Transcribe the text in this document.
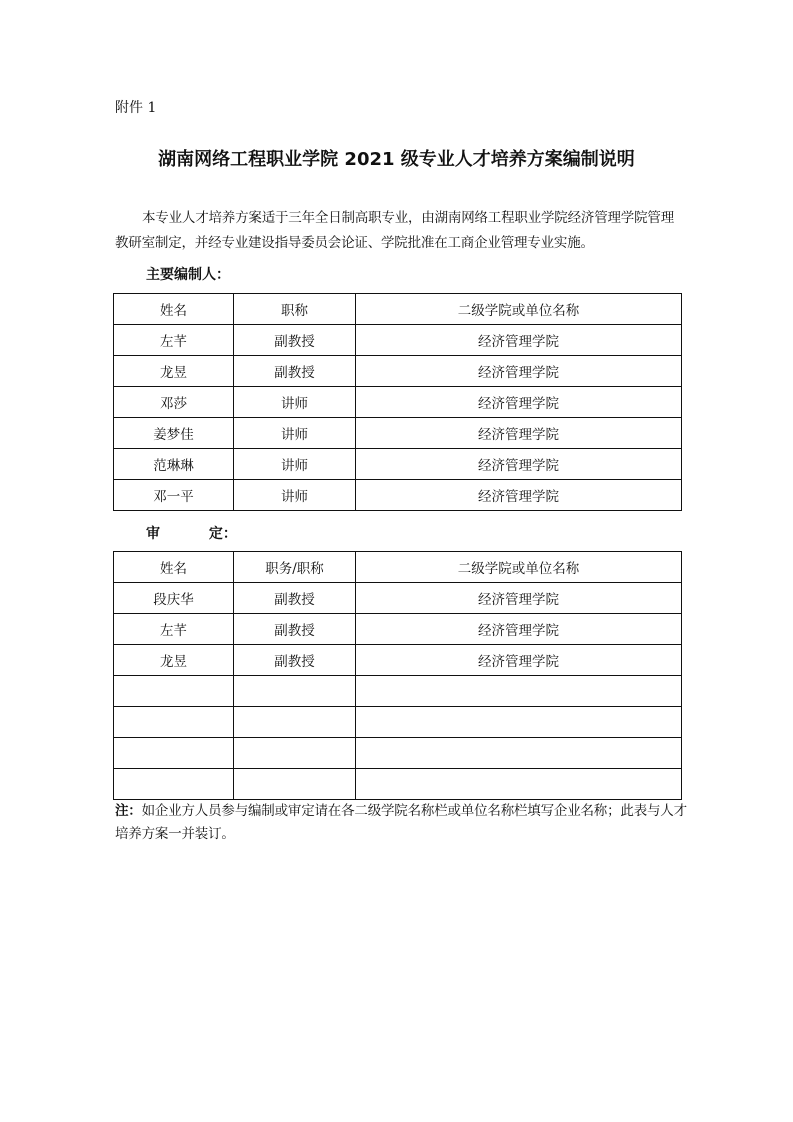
附件 1
湖南网络工程职业学院 2021 级专业人才培养方案编制说明

本专业人才培养方案适于三年全日制高职专业，由湖南网络工程职业学院经济管理学院管理教研室制定，并经专业建设指导委员会论证、学院批准在工商企业管理专业实施。

主要编制人：
姓名	职称	二级学院或单位名称
左芊	副教授	经济管理学院
龙昱	副教授	经济管理学院
邓莎	讲师	经济管理学院
姜梦佳	讲师	经济管理学院
范琳琳	讲师	经济管理学院
邓一平	讲师	经济管理学院
审 定：
姓名	职务/职称	二级学院或单位名称
段庆华	副教授	经济管理学院
左芊	副教授	经济管理学院
龙昱	副教授	经济管理学院

注：如企业方人员参与编制或审定请在各二级学院名称栏或单位名称栏填写企业名称；此表与人才培养方案一并装订。
